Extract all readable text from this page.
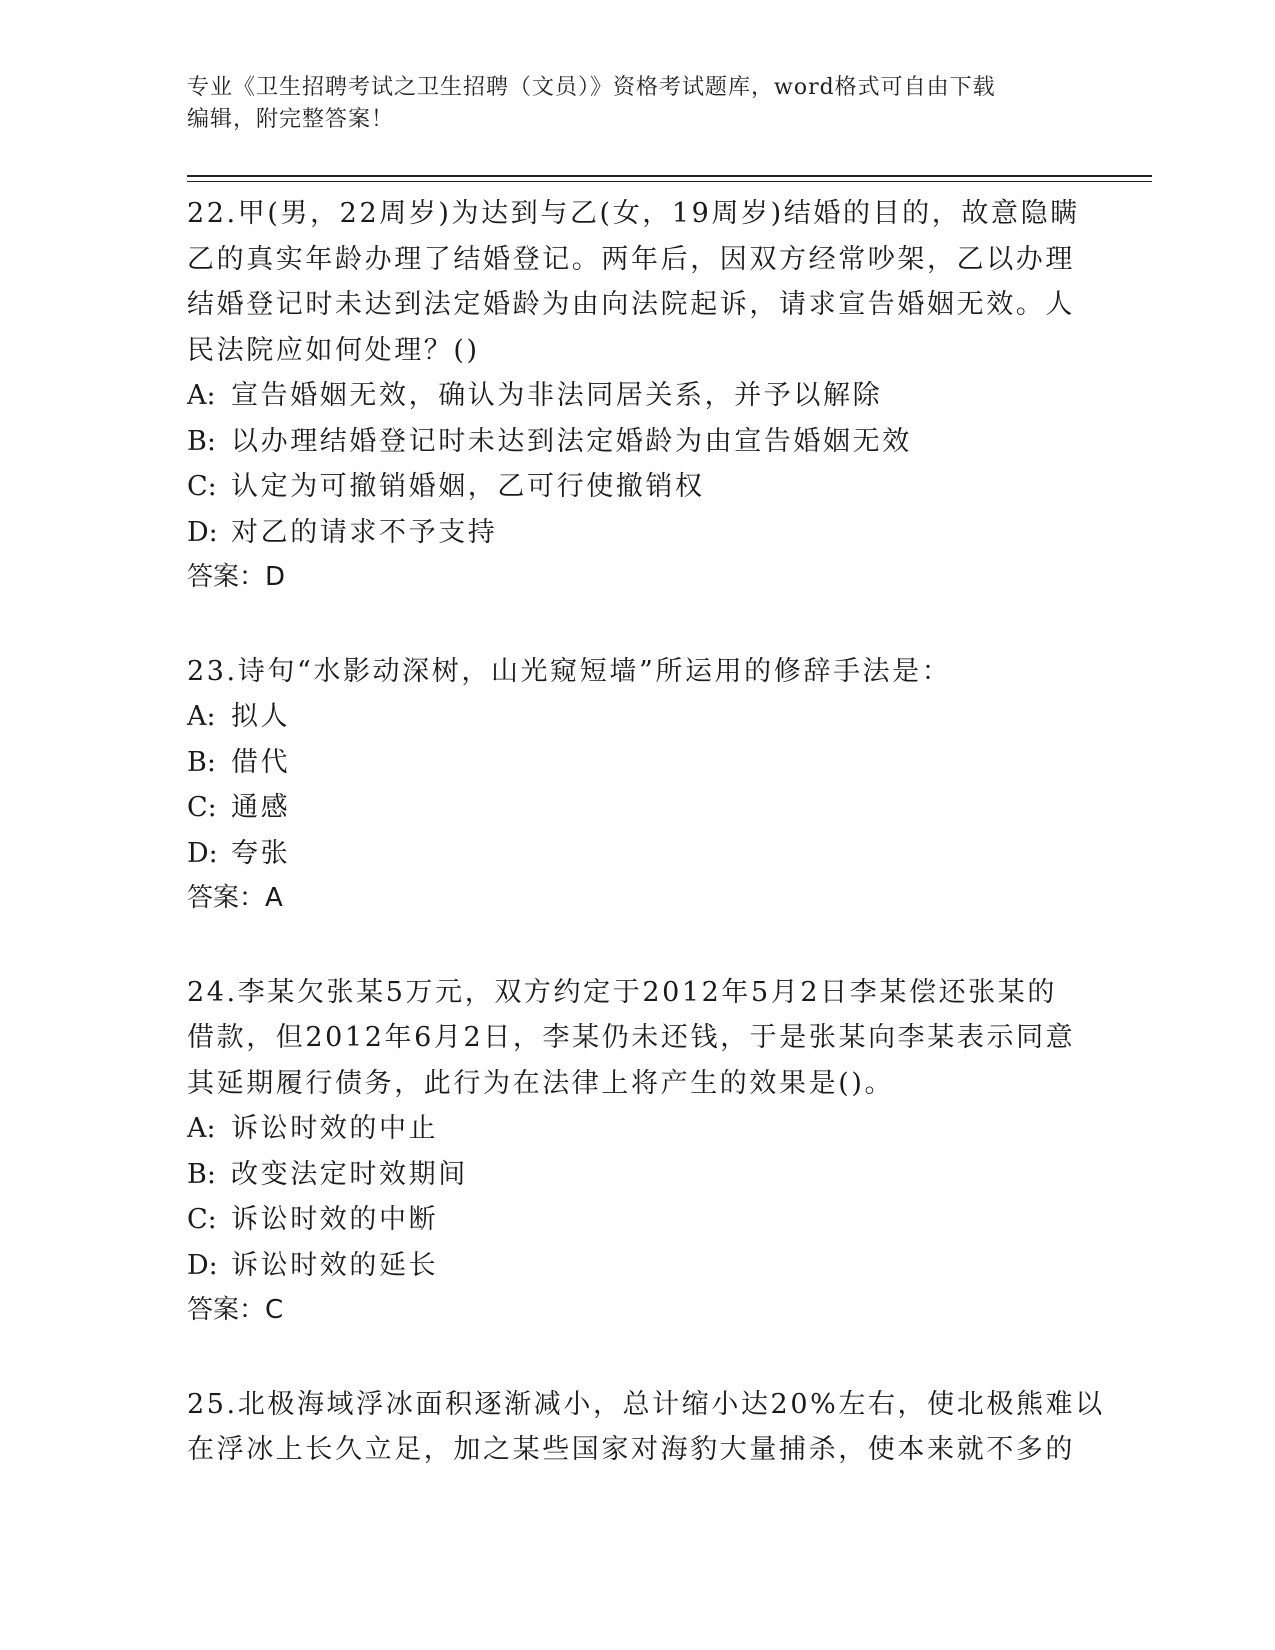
专业《卫生招聘考试之卫生招聘（文员）》资格考试题库，word格式可自由下载
编辑，附完整答案！
22.甲(男，22周岁)为达到与乙(女，19周岁)结婚的目的，故意隐瞒
乙的真实年龄办理了结婚登记。两年后，因双方经常吵架，乙以办理
结婚登记时未达到法定婚龄为由向法院起诉，请求宣告婚姻无效。人
民法院应如何处理？()
A: 宣告婚姻无效，确认为非法同居关系，并予以解除
B: 以办理结婚登记时未达到法定婚龄为由宣告婚姻无效
C: 认定为可撤销婚姻，乙可行使撤销权
D: 对乙的请求不予支持
答案：D
23.诗句“水影动深树，山光窥短墙”所运用的修辞手法是：
A: 拟人
B: 借代
C: 通感
D: 夸张
答案：A
24.李某欠张某5万元，双方约定于2012年5月2日李某偿还张某的
借款，但2012年6月2日，李某仍未还钱，于是张某向李某表示同意
其延期履行债务，此行为在法律上将产生的效果是()。
A: 诉讼时效的中止
B: 改变法定时效期间
C: 诉讼时效的中断
D: 诉讼时效的延长
答案：C
25.北极海域浮冰面积逐渐减小，总计缩小达20%左右，使北极熊难以
在浮冰上长久立足，加之某些国家对海豹大量捕杀，使本来就不多的
